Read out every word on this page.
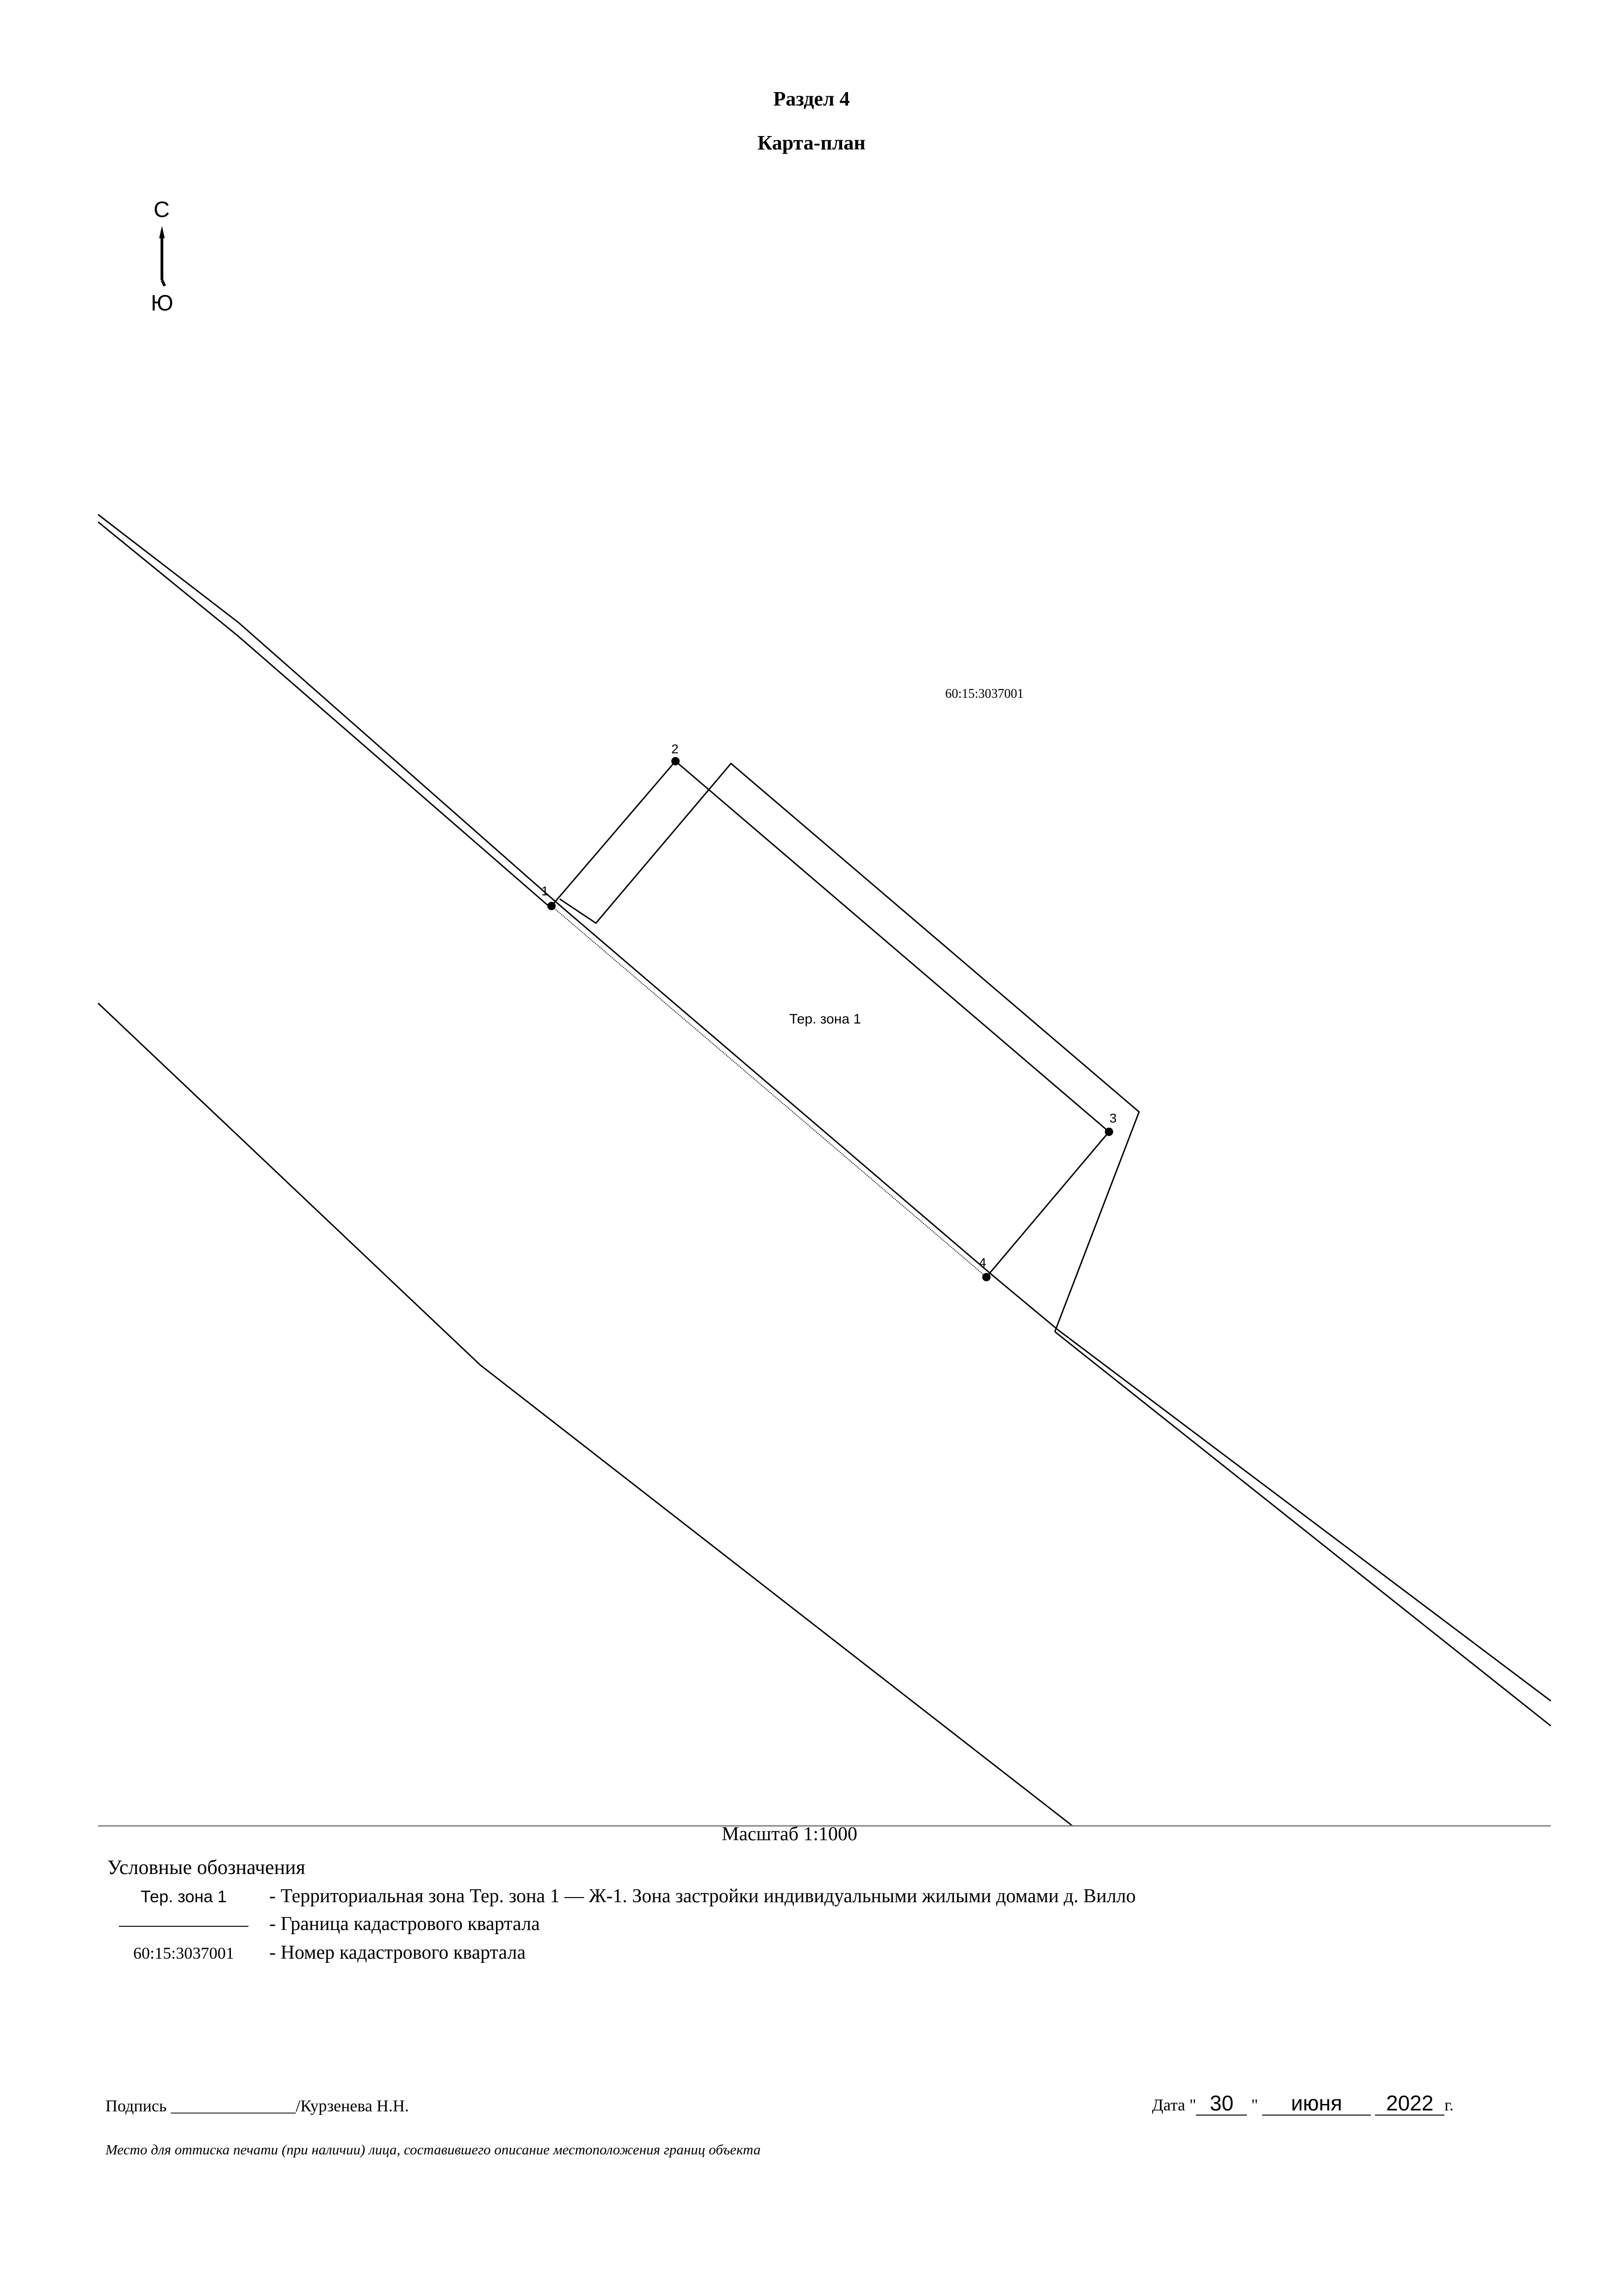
Раздел 4
Карта-план
С
Ю
1
2
3
4
Тер. зона 1
60:15:3037001
Масштаб 1:1000
Условные обозначения
Тер. зона 1	- Территориальная зона Тер. зона 1 — Ж-1. Зона застройки индивидуальными жилыми домами д. Вилло
- Граница кадастрового квартала
60:15:3037001	- Номер кадастрового квартала
Подпись _______________/Курзенева Н.Н.	Дата " 30 " июня 2022 г.
Место для оттиска печати (при наличии) лица, составившего описание местоположения границ объекта
